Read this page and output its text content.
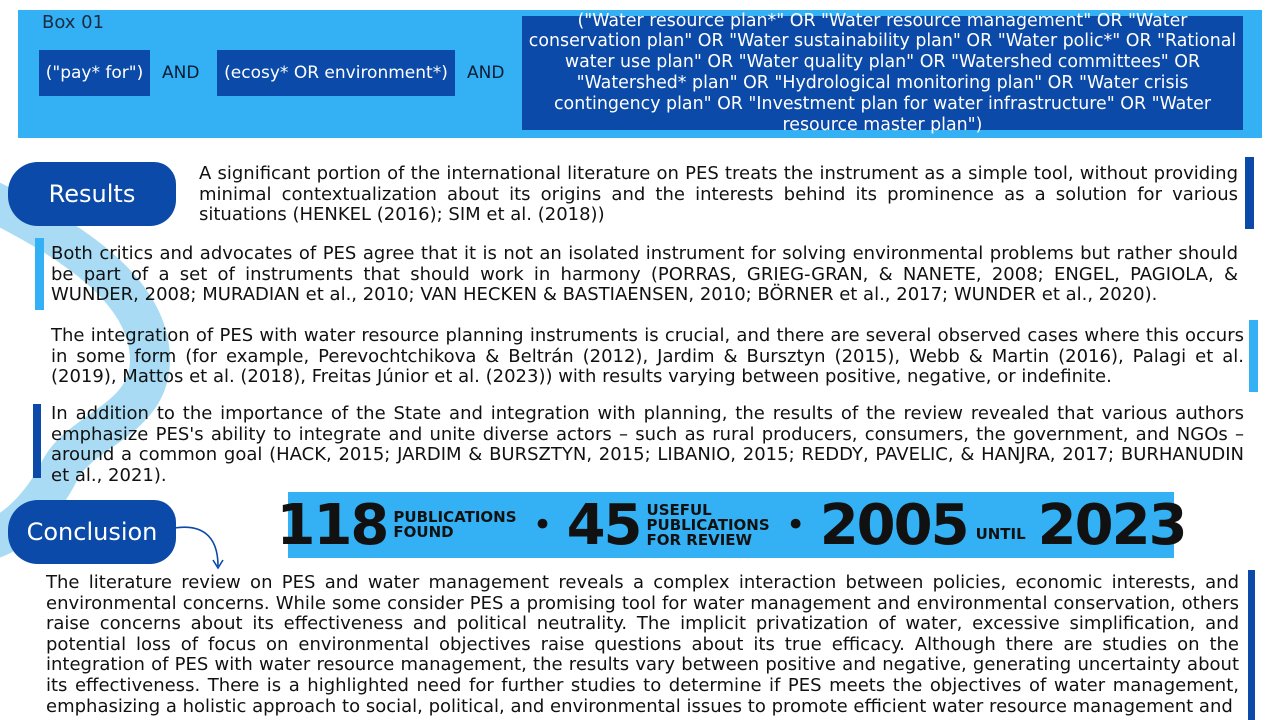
Box 01
("pay* for")	AND	(ecosy* OR environment*)	AND
("Water resource plan*" OR "Water resource management" OR "Water conservation plan" OR "Water sustainability plan" OR "Water polic*" OR "Rational water use plan" OR "Water quality plan" OR "Watershed committees" OR "Watershed* plan" OR "Hydrological monitoring plan" OR "Water crisis contingency plan" OR "Investment plan for water infrastructure" OR "Water resource master plan")
Results
A significant portion of the international literature on PES treats the instrument as a simple tool, without providing minimal contextualization about its origins and the interests behind its prominence as a solution for various situations (HENKEL (2016); SIM et al. (2018))
Both critics and advocates of PES agree that it is not an isolated instrument for solving environmental problems but rather should be part of a set of instruments that should work in harmony (PORRAS, GRIEG-GRAN, & NANETE, 2008; ENGEL, PAGIOLA, & WUNDER, 2008; MURADIAN et al., 2010; VAN HECKEN & BASTIAENSEN, 2010; BÖRNER et al., 2017; WUNDER et al., 2020).
The integration of PES with water resource planning instruments is crucial, and there are several observed cases where this occurs in some form (for example, Perevochtchikova & Beltrán (2012), Jardim & Bursztyn (2015), Webb & Martin (2016), Palagi et al. (2019), Mattos et al. (2018), Freitas Júnior et al. (2023)) with results varying between positive, negative, or indefinite.
In addition to the importance of the State and integration with planning, the results of the review revealed that various authors emphasize PES's ability to integrate and unite diverse actors – such as rural producers, consumers, the government, and NGOs – around a common goal (HACK, 2015; JARDIM & BURSZTYN, 2015; LIBANIO, 2015; REDDY, PAVELIC, & HANJRA, 2017; BURHANUDIN et al., 2021).
Conclusion	118 PUBLICATIONS
FOUND	• 45 USEFUL
PUBLICATIONS
FOR REVIEW • 2005 UNTIL 2023
The literature review on PES and water management reveals a complex interaction between policies, economic interests, and environmental concerns. While some consider PES a promising tool for water management and environmental conservation, others raise concerns about its effectiveness and political neutrality. The implicit privatization of water, excessive simplification, and potential loss of focus on environmental objectives raise questions about its true efficacy. Although there are studies on the integration of PES with water resource management, the results vary between positive and negative, generating uncertainty about its effectiveness. There is a highlighted need for further studies to determine if PES meets the objectives of water management, emphasizing a holistic approach to social, political, and environmental issues to promote efficient water resource management and
